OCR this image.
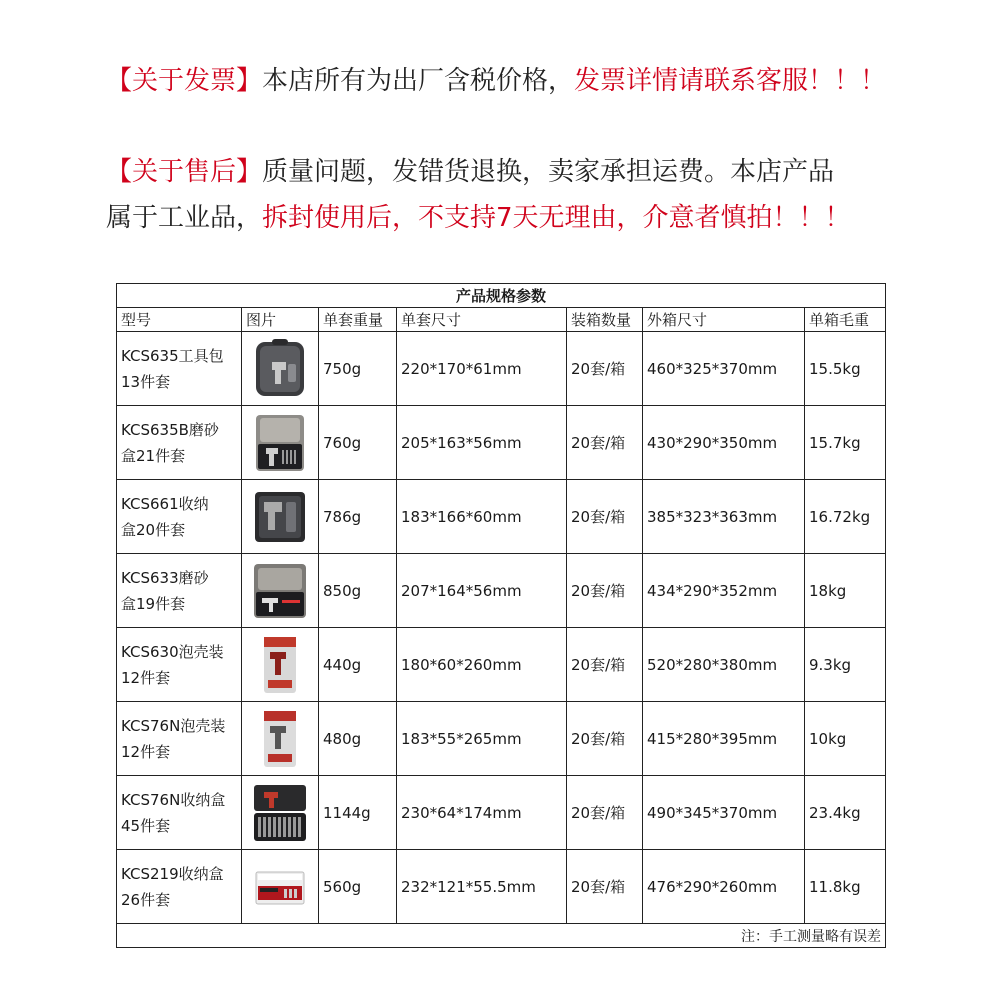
【关于发票】本店所有为出厂含税价格，发票详情请联系客服！！！
【关于售后】质量问题，发错货退换，卖家承担运费。本店产品
属于工业品，拆封使用后，不支持7天无理由，介意者慎拍！！！
产品规格参数						
型号	图片	单套重量	单套尺寸	装箱数量	外箱尺寸	单箱毛重
KCS635工具包
13件套		750g	220*170*61mm	20套/箱	460*325*370mm	15.5kg
KCS635B磨砂
盒21件套		760g	205*163*56mm	20套/箱	430*290*350mm	15.7kg
KCS661收纳
盒20件套		786g	183*166*60mm	20套/箱	385*323*363mm	16.72kg
KCS633磨砂
盒19件套		850g	207*164*56mm	20套/箱	434*290*352mm	18kg
KCS630泡壳装
12件套		440g	180*60*260mm	20套/箱	520*280*380mm	9.3kg
KCS76N泡壳装
12件套		480g	183*55*265mm	20套/箱	415*280*395mm	10kg
KCS76N收纳盒
45件套		1144g	230*64*174mm	20套/箱	490*345*370mm	23.4kg
KCS219收纳盒
26件套		560g	232*121*55.5mm	20套/箱	476*290*260mm	11.8kg
注：手工测量略有误差						
